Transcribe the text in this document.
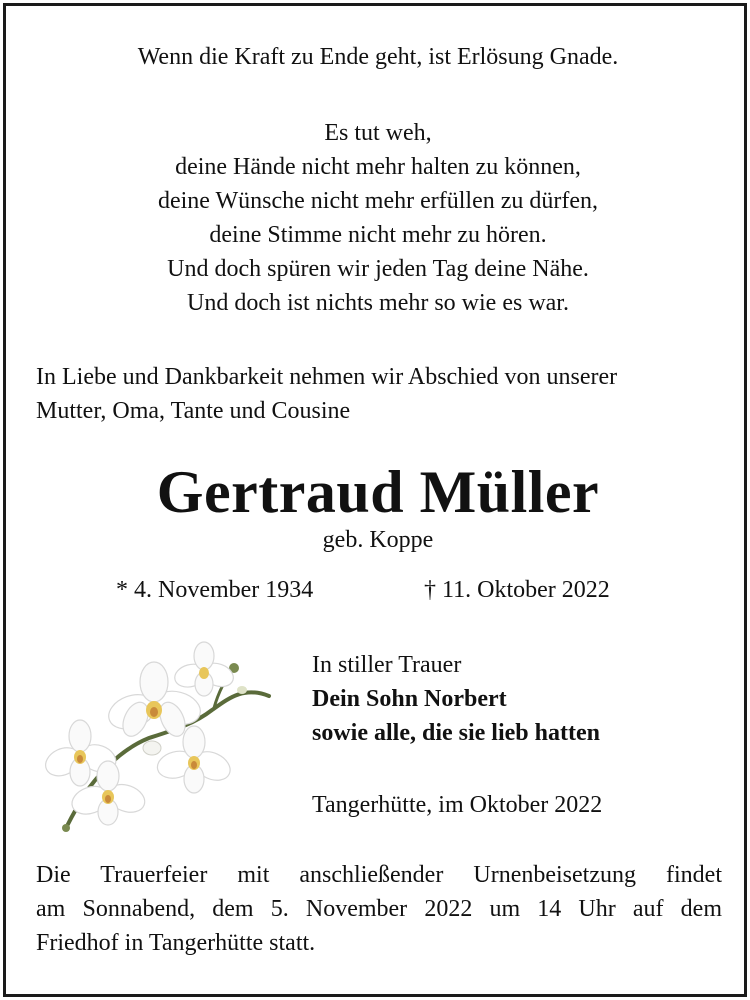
Wenn die Kraft zu Ende geht, ist Erlösung Gnade.
Es tut weh,
deine Hände nicht mehr halten zu können,
deine Wünsche nicht mehr erfüllen zu dürfen,
deine Stimme nicht mehr zu hören.
Und doch spüren wir jeden Tag deine Nähe.
Und doch ist nichts mehr so wie es war.
In Liebe und Dankbarkeit nehmen wir Abschied von unserer
Mutter, Oma, Tante und Cousine
Gertraud Müller
geb. Koppe
* 4. November 1934	† 11. Oktober 2022
In stiller Trauer
Dein Sohn Norbert
sowie alle, die sie lieb hatten
Tangerhütte, im Oktober 2022
Die Trauerfeier mit anschließender Urnenbeisetzung findet
am Sonnabend, dem 5. November 2022 um 14 Uhr auf dem
Friedhof in Tangerhütte statt.
